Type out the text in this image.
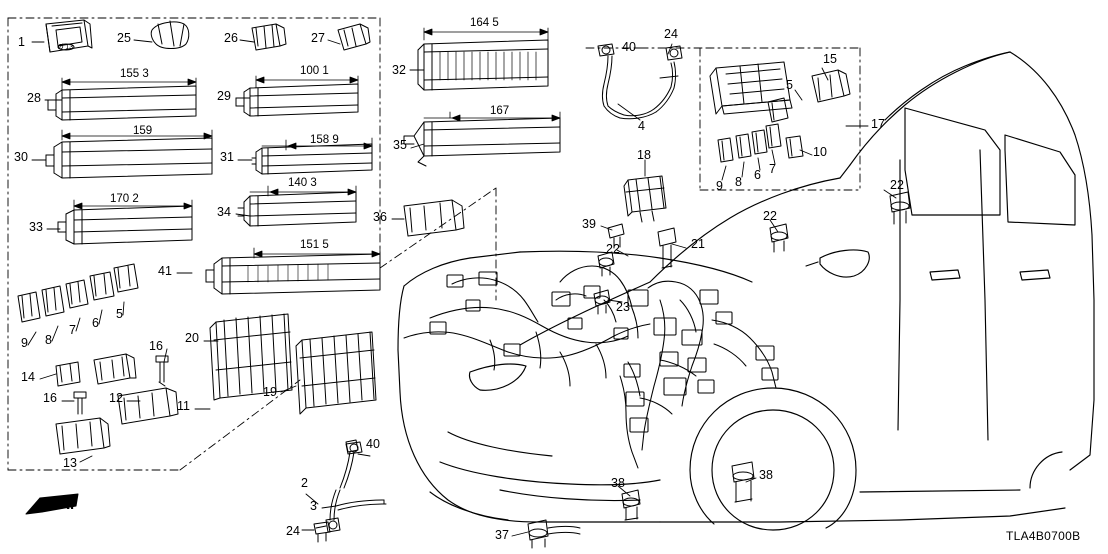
1	25	26	27
32
40
24
28	29
15
5
4	17
30	31
35	10
9 8 6 7
18
33
34	36
22
22
39
41
22	21
23
9 8
7 6
5
16
20
14
16	12
11
19
13
40
2	38
38
3
24	37
164 5
155 3	100 1
167
159
158 9
170 2
140 3
151 5
Ø 13
FR.
TLA4B0700B
